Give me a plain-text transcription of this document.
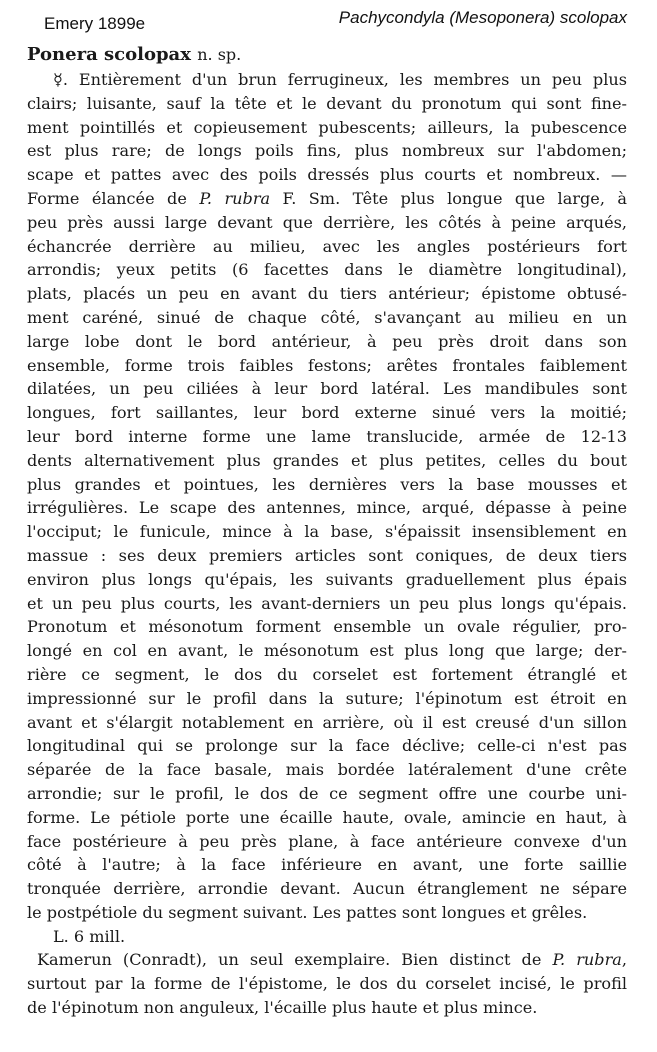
Emery 1899e	Pachycondyla (Mesoponera) scolopax
Ponera scolopax n. sp.
☿. Entièrement d'un brun ferrugineux, les membres un peu plus
clairs; luisante, sauf la tête et le devant du pronotum qui sont fine-
ment pointillés et copieusement pubescents; ailleurs, la pubescence
est plus rare; de longs poils fins, plus nombreux sur l'abdomen;
scape et pattes avec des poils dressés plus courts et nombreux. —
Forme élancée de P. rubra F. Sm. Tête plus longue que large, à
peu près aussi large devant que derrière, les côtés à peine arqués,
échancrée derrière au milieu, avec les angles postérieurs fort
arrondis; yeux petits (6 facettes dans le diamètre longitudinal),
plats, placés un peu en avant du tiers antérieur; épistome obtusé-
ment caréné, sinué de chaque côté, s'avançant au milieu en un
large lobe dont le bord antérieur, à peu près droit dans son
ensemble, forme trois faibles festons; arêtes frontales faiblement
dilatées, un peu ciliées à leur bord latéral. Les mandibules sont
longues, fort saillantes, leur bord externe sinué vers la moitié;
leur bord interne forme une lame translucide, armée de 12-13
dents alternativement plus grandes et plus petites, celles du bout
plus grandes et pointues, les dernières vers la base mousses et
irrégulières. Le scape des antennes, mince, arqué, dépasse à peine
l'occiput; le funicule, mince à la base, s'épaissit insensiblement en
massue : ses deux premiers articles sont coniques, de deux tiers
environ plus longs qu'épais, les suivants graduellement plus épais
et un peu plus courts, les avant-derniers un peu plus longs qu'épais.
Pronotum et mésonotum forment ensemble un ovale régulier, pro-
longé en col en avant, le mésonotum est plus long que large; der-
rière ce segment, le dos du corselet est fortement étranglé et
impressionné sur le profil dans la suture; l'épinotum est étroit en
avant et s'élargit notablement en arrière, où il est creusé d'un sillon
longitudinal qui se prolonge sur la face déclive; celle-ci n'est pas
séparée de la face basale, mais bordée latéralement d'une crête
arrondie; sur le profil, le dos de ce segment offre une courbe uni-
forme. Le pétiole porte une écaille haute, ovale, amincie en haut, à
face postérieure à peu près plane, à face antérieure convexe d'un
côté à l'autre; à la face inférieure en avant, une forte saillie
tronquée derrière, arrondie devant. Aucun étranglement ne sépare
le postpétiole du segment suivant. Les pattes sont longues et grêles.
L. 6 mill.
Kamerun (Conradt), un seul exemplaire. Bien distinct de P. rubra,
surtout par la forme de l'épistome, le dos du corselet incisé, le profil
de l'épinotum non anguleux, l'écaille plus haute et plus mince.
